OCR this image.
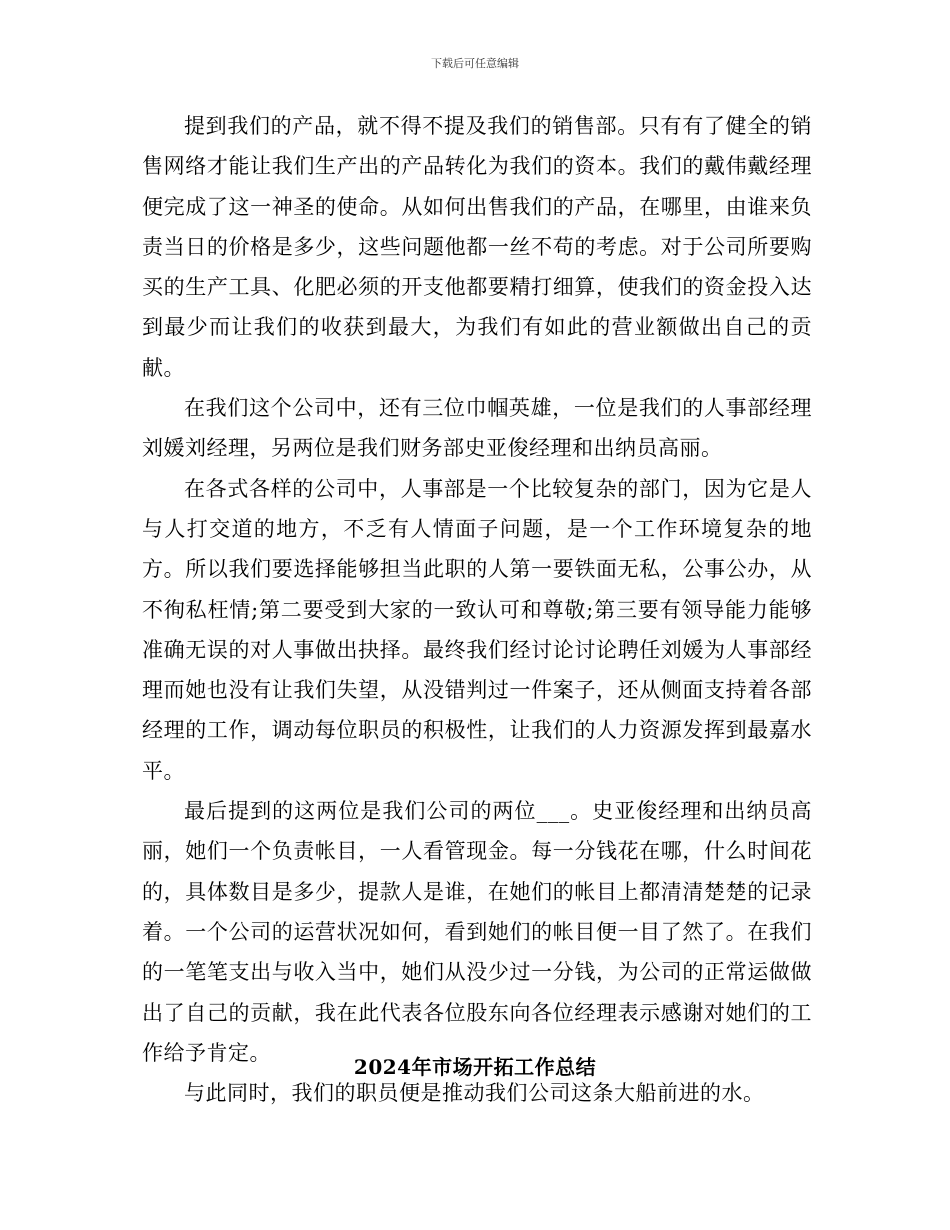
下载后可任意编辑

提到我们的产品，就不得不提及我们的销售部。只有有了健全的销售网络才能让我们生产出的产品转化为我们的资本。我们的戴伟戴经理便完成了这一神圣的使命。从如何出售我们的产品，在哪里，由谁来负责当日的价格是多少，这些问题他都一丝不苟的考虑。对于公司所要购买的生产工具、化肥必须的开支他都要精打细算，使我们的资金投入达到最少而让我们的收获到最大，为我们有如此的营业额做出自己的贡献。

在我们这个公司中，还有三位巾帼英雄，一位是我们的人事部经理刘媛刘经理，另两位是我们财务部史亚俊经理和出纳员高丽。

在各式各样的公司中，人事部是一个比较复杂的部门，因为它是人与人打交道的地方，不乏有人情面子问题，是一个工作环境复杂的地方。所以我们要选择能够担当此职的人第一要铁面无私，公事公办，从不徇私枉情;第二要受到大家的一致认可和尊敬;第三要有领导能力能够准确无误的对人事做出抉择。最终我们经讨论讨论聘任刘媛为人事部经理而她也没有让我们失望，从没错判过一件案子，还从侧面支持着各部经理的工作，调动每位职员的积极性，让我们的人力资源发挥到最嘉水平。

最后提到的这两位是我们公司的两位___。史亚俊经理和出纳员高丽，她们一个负责帐目，一人看管现金。每一分钱花在哪，什么时间花的，具体数目是多少，提款人是谁，在她们的帐目上都清清楚楚的记录着。一个公司的运营状况如何，看到她们的帐目便一目了然了。在我们的一笔笔支出与收入当中，她们从没少过一分钱，为公司的正常运做做出了自己的贡献，我在此代表各位股东向各位经理表示感谢对她们的工作给予肯定。

与此同时，我们的职员便是推动我们公司这条大船前进的水。

2024年市场开拓工作总结
